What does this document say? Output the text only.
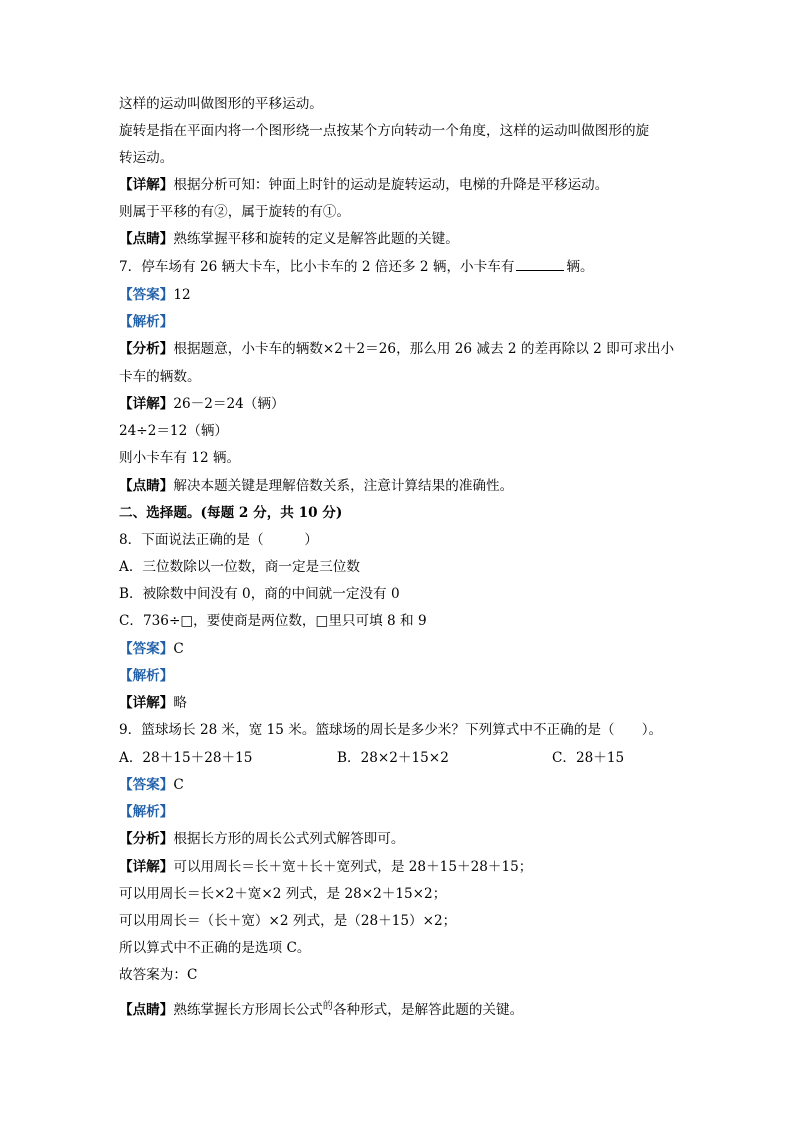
这样的运动叫做图形的平移运动。
旋转是指在平面内将一个图形绕一点按某个方向转动一个角度，这样的运动叫做图形的旋
转运动。
【详解】根据分析可知：钟面上时针的运动是旋转运动，电梯的升降是平移运动。
则属于平移的有②，属于旋转的有①。
【点睛】熟练掌握平移和旋转的定义是解答此题的关键。
7．停车场有 26 辆大卡车，比小卡车的 2 倍还多 2 辆，小卡车有	辆。
【答案】12
【解析】
【分析】根据题意，小卡车的辆数×2＋2＝26，那么用 26 减去 2 的差再除以 2 即可求出小
卡车的辆数。
【详解】26－2＝24（辆）
24÷2＝12（辆）
则小卡车有 12 辆。
【点睛】解决本题关键是理解倍数关系，注意计算结果的准确性。
二、选择题。(每题 2 分，共 10 分)
8．下面说法正确的是（　　　）
A．三位数除以一位数，商一定是三位数
B．被除数中间没有 0，商的中间就一定没有 0
C．736÷□，要使商是两位数，□里只可填 8 和 9
【答案】C
【解析】
【详解】略
9．篮球场长 28 米，宽 15 米。篮球场的周长是多少米？下列算式中不正确的是（　　）。
A．28＋15＋28＋15	B．28×2＋15×2	C．28＋15
【答案】C
【解析】
【分析】根据长方形的周长公式列式解答即可。
【详解】可以用周长＝长＋宽＋长＋宽列式，是 28＋15＋28＋15；
可以用周长＝长×2＋宽×2 列式，是 28×2＋15×2；
可以用周长＝（长＋宽）×2 列式，是（28＋15）×2；
所以算式中不正确的是选项 C。
故答案为：C
【点睛】熟练掌握长方形周长公式$^的$各种形式，是解答此题的关键。
